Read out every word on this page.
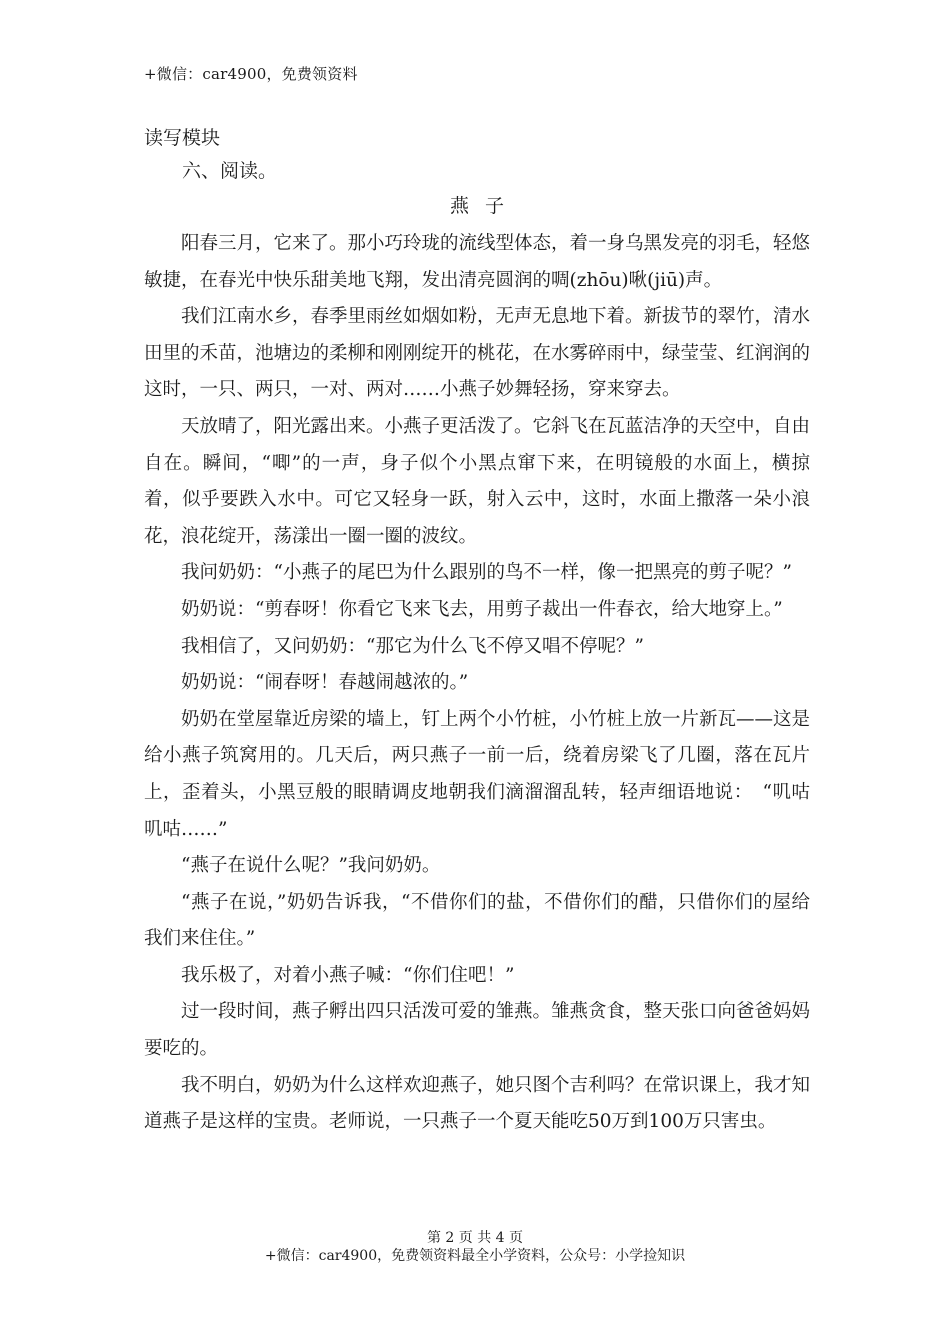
+微信：car4900，免费领资料
读写模块
六、阅读。
燕子

阳春三月，它来了。那小巧玲珑的流线型体态，着一身乌黑发亮的羽毛，轻悠敏捷，在春光中快乐甜美地飞翔，发出清亮圆润的啁(zhōu)啾(jiū)声。

我们江南水乡，春季里雨丝如烟如粉，无声无息地下着。新拔节的翠竹，清水田里的禾苗，池塘边的柔柳和刚刚绽开的桃花，在水雾碎雨中，绿莹莹、红润润的这时，一只、两只，一对、两对……小燕子妙舞轻扬，穿来穿去。

天放晴了，阳光露出来。小燕子更活泼了。它斜飞在瓦蓝洁净的天空中，自由自在。瞬间，“唧”的一声，身子似个小黑点窜下来，在明镜般的水面上，横掠着，似乎要跌入水中。可它又轻身一跃，射入云中，这时，水面上撒落一朵小浪花，浪花绽开，荡漾出一圈一圈的波纹。

我问奶奶：“小燕子的尾巴为什么跟别的鸟不一样，像一把黑亮的剪子呢？”

奶奶说：“剪春呀！你看它飞来飞去，用剪子裁出一件春衣，给大地穿上。”

我相信了，又问奶奶：“那它为什么飞不停又唱不停呢？”

奶奶说：“闹春呀！春越闹越浓的。”

奶奶在堂屋靠近房梁的墙上，钉上两个小竹桩，小竹桩上放一片新瓦——这是给小燕子筑窝用的。几天后，两只燕子一前一后，绕着房梁飞了几圈，落在瓦片上，歪着头，小黑豆般的眼睛调皮地朝我们滴溜溜乱转，轻声细语地说：　“叽咕叽咕……”

“燕子在说什么呢？”我问奶奶。

“燕子在说，”奶奶告诉我，“不借你们的盐，不借你们的醋，只借你们的屋给我们来住住。”

我乐极了，对着小燕子喊：“你们住吧！”

过一段时间，燕子孵出四只活泼可爱的雏燕。雏燕贪食，整天张口向爸爸妈妈要吃的。

我不明白，奶奶为什么这样欢迎燕子，她只图个吉利吗？在常识课上，我才知道燕子是这样的宝贵。老师说，一只燕子一个夏天能吃50万到100万只害虫。

第 2 页 共 4 页
+微信：car4900，免费领资料最全小学资料，公众号：小学捡知识
